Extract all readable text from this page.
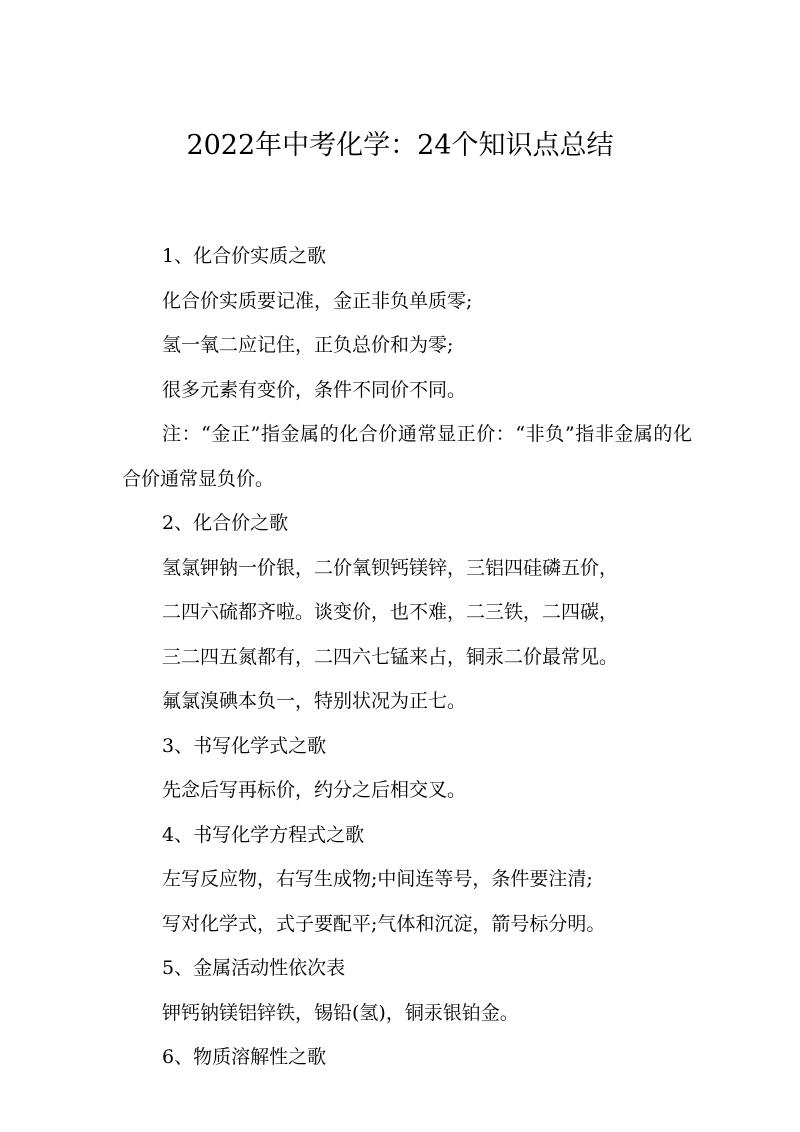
2022年中考化学：24个知识点总结
1、化合价实质之歌
化合价实质要记准，金正非负单质零;
氢一氧二应记住，正负总价和为零;
很多元素有变价，条件不同价不同。
注：“金正”指金属的化合价通常显正价：“非负”指非金属的化合价通常显负价。
2、化合价之歌
氢氯钾钠一价银，二价氧钡钙镁锌，三铝四硅磷五价，
二四六硫都齐啦。谈变价，也不难，二三铁，二四碳，
三二四五氮都有，二四六七锰来占，铜汞二价最常见。
氟氯溴碘本负一，特别状况为正七。
3、书写化学式之歌
先念后写再标价，约分之后相交叉。
4、书写化学方程式之歌
左写反应物，右写生成物;中间连等号，条件要注清;
写对化学式，式子要配平;气体和沉淀，箭号标分明。
5、金属活动性依次表
钾钙钠镁铝锌铁，锡铅(氢)，铜汞银铂金。
6、物质溶解性之歌
